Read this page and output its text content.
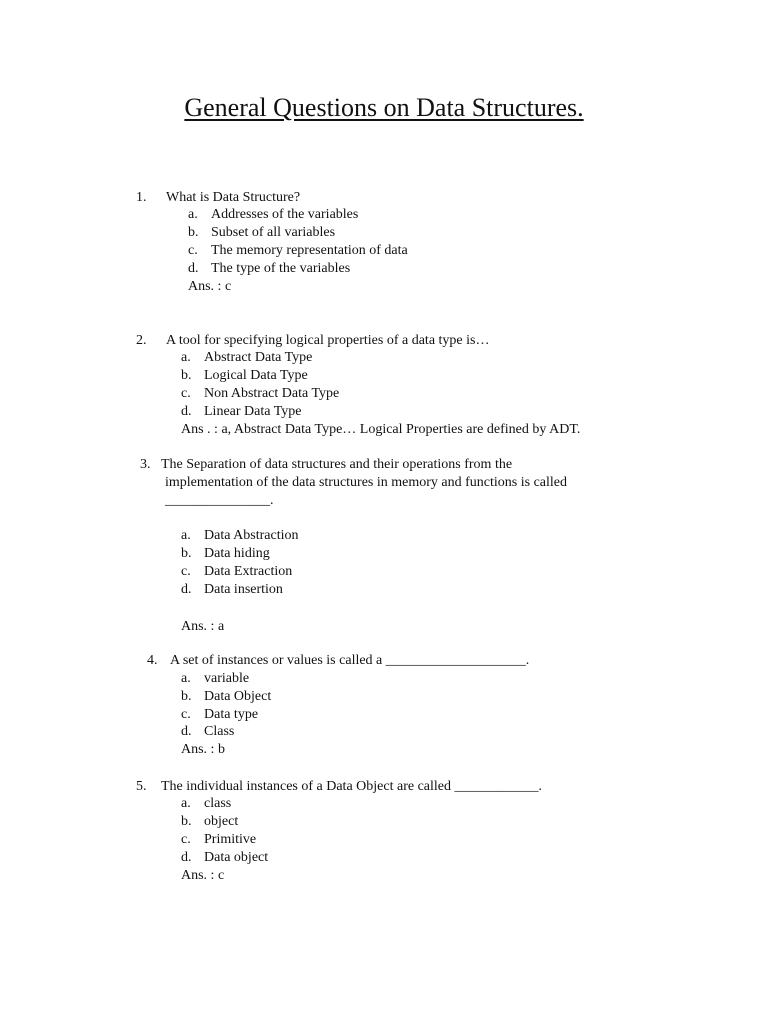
General Questions on Data Structures.
1. What is Data Structure?
a. Addresses of the variables
b. Subset of all variables
c. The memory representation of data
d. The type of the variables
Ans. : c
2. A tool for specifying logical properties of a data type is…
a. Abstract Data Type
b. Logical Data Type
c. Non Abstract Data Type
d. Linear Data Type
Ans . : a, Abstract Data Type… Logical Properties are defined by ADT.
3. The Separation of data structures and their operations from the
implementation of the data structures in memory and functions is called
_______________.
a. Data Abstraction
b. Data hiding
c. Data Extraction
d. Data insertion
Ans. : a
4. A set of instances or values is called a ____________________.
a. variable
b. Data Object
c. Data type
d. Class
Ans. : b
5. The individual instances of a Data Object are called ____________.
a. class
b. object
c. Primitive
d. Data object
Ans. : c
